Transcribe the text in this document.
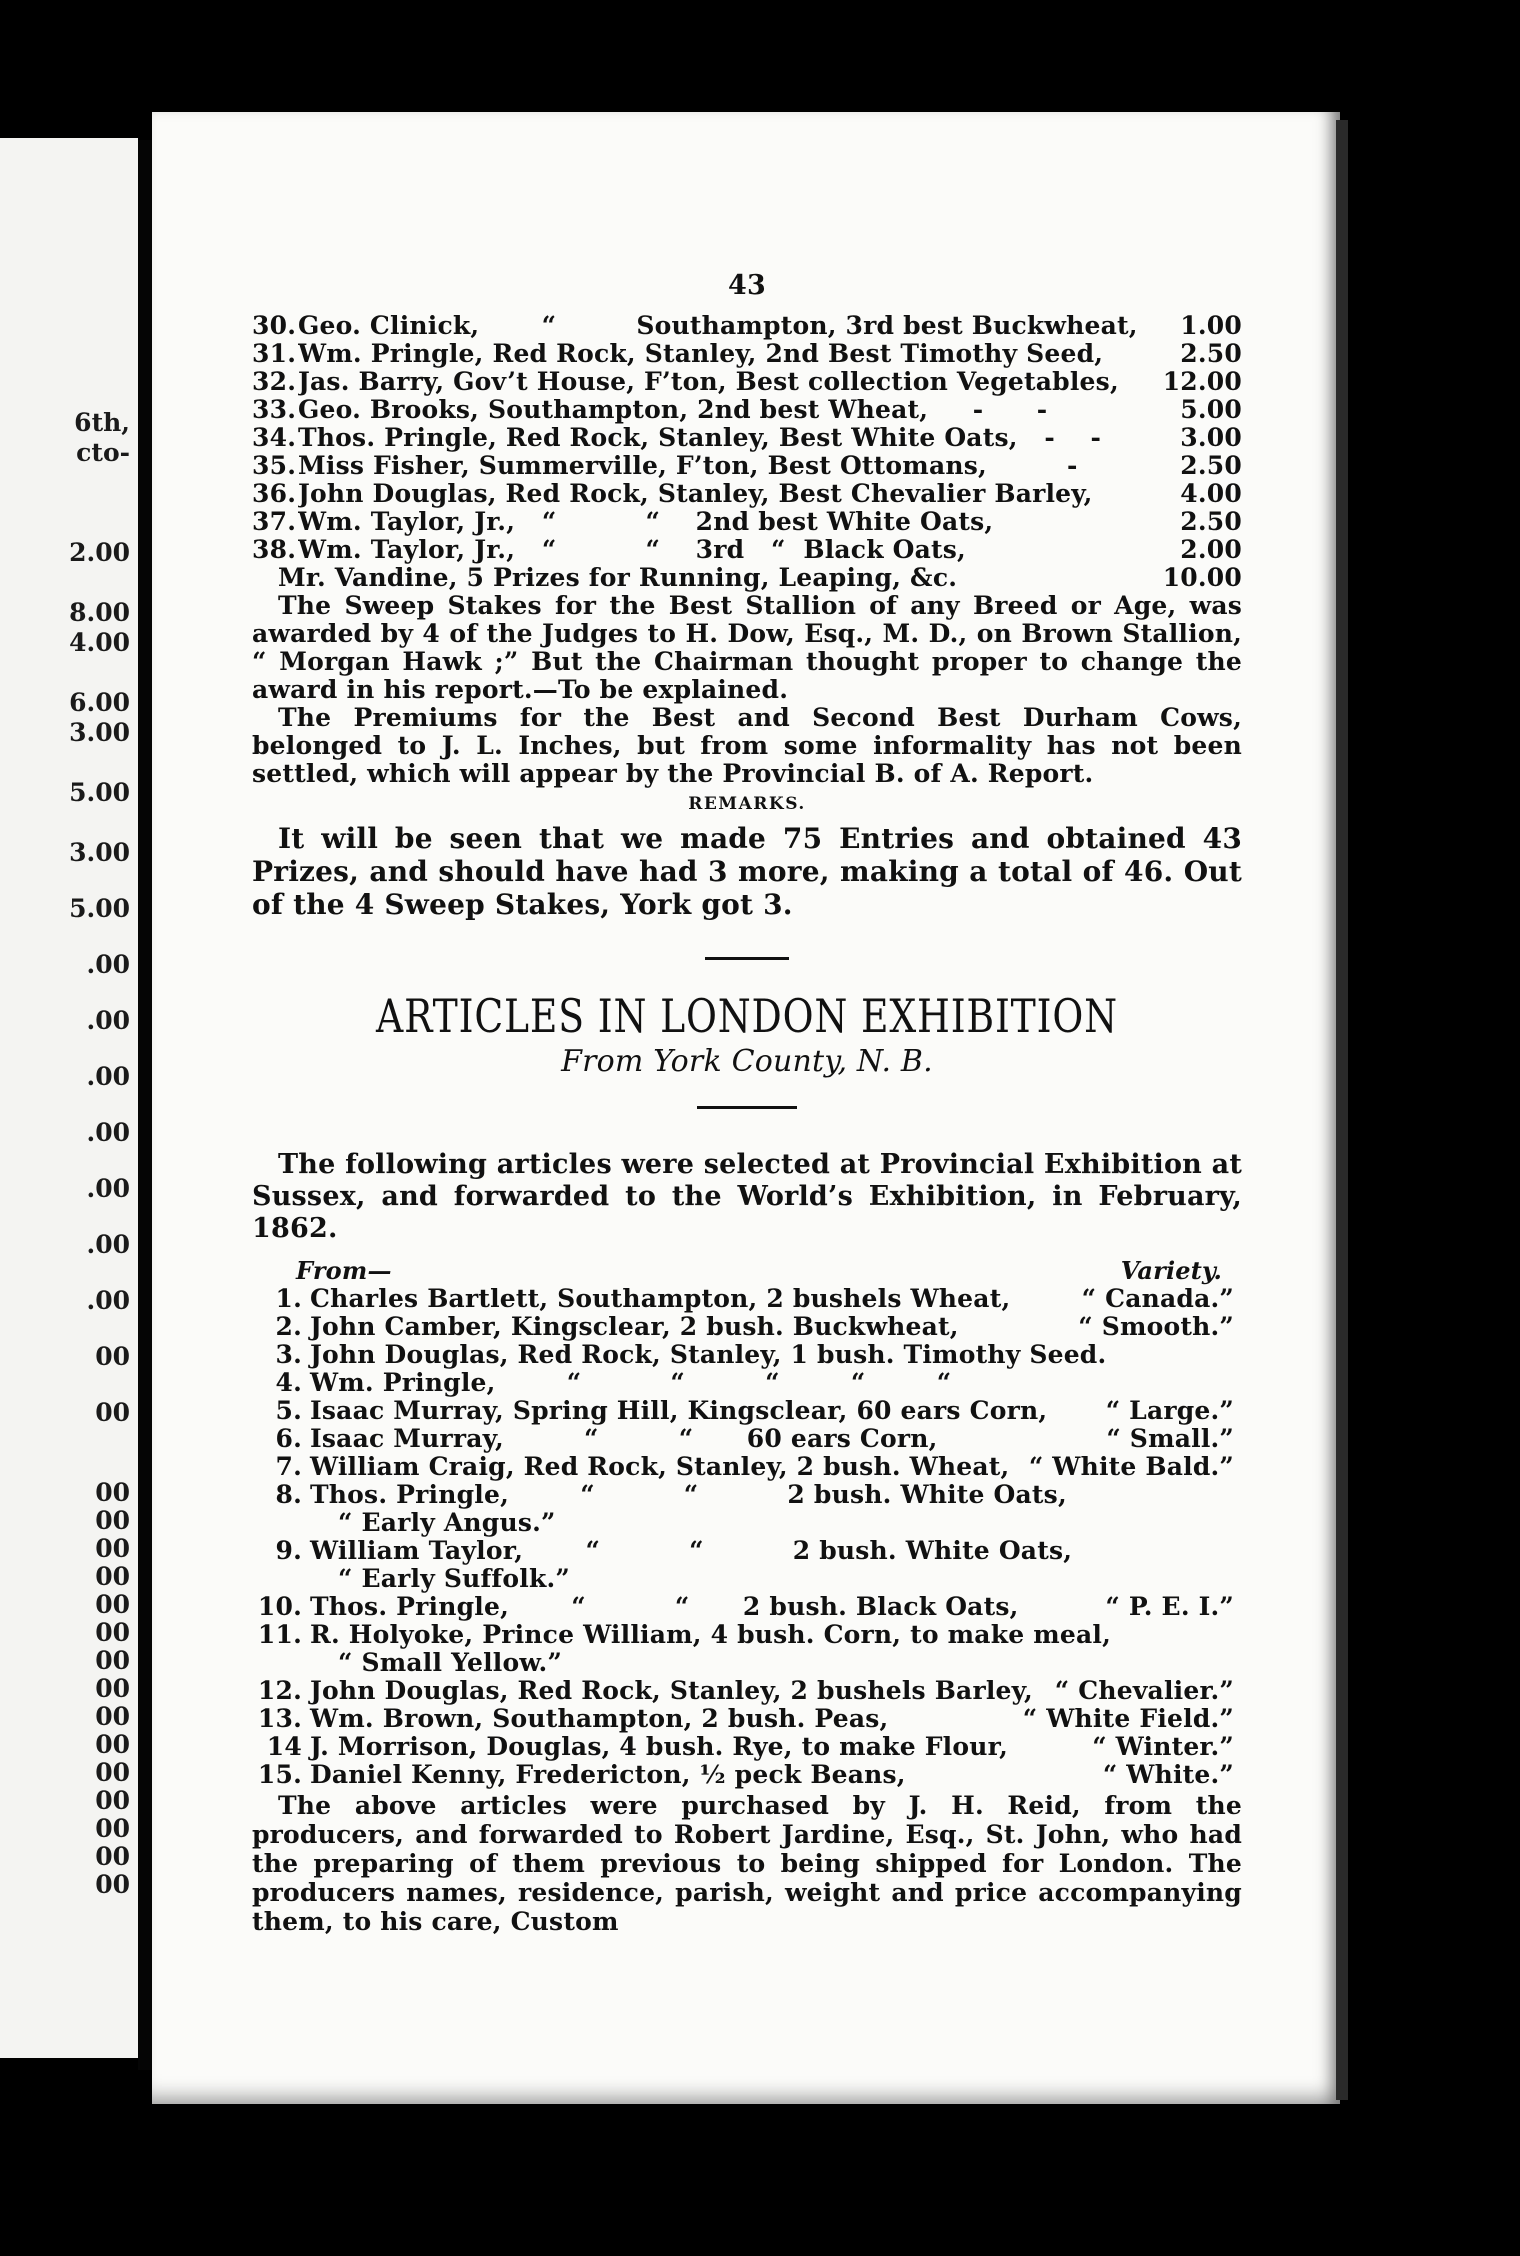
6th,
cto-
2.00
8.00
4.00
6.00
3.00
5.00
3.00
5.00
.00
.00
.00
.00
.00
.00
.00
00
00
00
00
00
00
00
00
00
00
00
00
00
00
00
00
00
43
30. Geo. Clinick,       “         Southampton, 3rd best Buckwheat,	1.00
31. Wm. Pringle, Red Rock, Stanley, 2nd Best Timothy Seed,	2.50
32. Jas. Barry, Gov’t House, F’ton, Best collection Vegetables,	12.00
33. Geo. Brooks, Southampton, 2nd best Wheat,     -      -	5.00
34. Thos. Pringle, Red Rock, Stanley, Best White Oats,   -    -	3.00
35. Miss Fisher, Summerville, F’ton, Best Ottomans,         -	2.50
36. John Douglas, Red Rock, Stanley, Best Chevalier Barley,	4.00
37. Wm. Taylor, Jr.,   “          “    2nd best White Oats,	2.50
38. Wm. Taylor, Jr.,   “          “    3rd   “  Black Oats,	2.00
Mr. Vandine, 5 Prizes for Running, Leaping, &c.	10.00

The Sweep Stakes for the Best Stallion of any Breed or Age, was awarded by 4 of the Judges to H. Dow, Esq., M. D., on Brown Stallion, “ Morgan Hawk ;” But the Chairman thought proper to change the award in his report.—To be explained.

The Premiums for the Best and Second Best Durham Cows, belonged to J. L. Inches, but from some informality has not been settled, which will appear by the Provincial B. of A. Report.

REMARKS.

It will be seen that we made 75 Entries and obtained 43 Prizes, and should have had 3 more, making a total of 46. Out of the 4 Sweep Stakes, York got 3.

ARTICLES IN LONDON EXHIBITION

From York County, N. B.

The following articles were selected at Provincial Exhibition at Sussex, and forwarded to the World’s Exhibition, in February, 1862.

From—	Variety.
1. Charles Bartlett, Southampton, 2 bushels Wheat,	“ Canada.”
2. John Camber, Kingsclear, 2 bush. Buckwheat,	“ Smooth.”
3. John Douglas, Red Rock, Stanley, 1 bush. Timothy Seed.
4. Wm. Pringle,        “          “         “        “        “
5. Isaac Murray, Spring Hill, Kingsclear, 60 ears Corn,	“ Large.”
6. Isaac Murray,         “         “      60 ears Corn,	“ Small.”
7. William Craig, Red Rock, Stanley, 2 bush. Wheat, “ White Bald.”
8. Thos. Pringle,        “          “          2 bush. White Oats,
“ Early Angus.”
9. William Taylor,       “          “          2 bush. White Oats,
“ Early Suffolk.”
10. Thos. Pringle,       “          “      2 bush. Black Oats,	“ P. E. I.”
11. R. Holyoke, Prince William, 4 bush. Corn, to make meal,
“ Small Yellow.”
12. John Douglas, Red Rock, Stanley, 2 bushels Barley, “ Chevalier.”
13. Wm. Brown, Southampton, 2 bush. Peas,	“ White Field.”
14 J. Morrison, Douglas, 4 bush. Rye, to make Flour,	“ Winter.”
15. Daniel Kenny, Fredericton, ½ peck Beans,	“ White.”

The above articles were purchased by J. H. Reid, from the producers, and forwarded to Robert Jardine, Esq., St. John, who had the preparing of them previous to being shipped for London. The producers names, residence, parish, weight and price accompanying them, to his care, Custom
